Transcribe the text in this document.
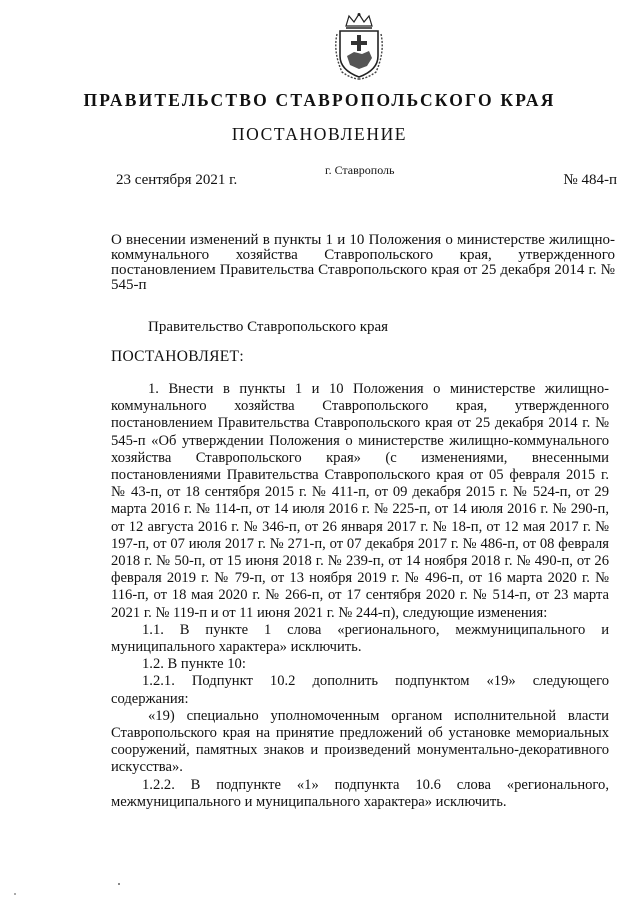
ПРАВИТЕЛЬСТВО СТАВРОПОЛЬСКОГО КРАЯ
ПОСТАНОВЛЕНИЕ
23 сентября 2021 г.
г. Ставрополь
№ 484-п
О внесении изменений в пункты 1 и 10 Положения о министерстве жилищно-коммунального хозяйства Ставропольского края, утвержденного постановлением Правительства Ставропольского края от 25 декабря 2014 г. № 545-п
Правительство Ставропольского края
ПОСТАНОВЛЯЕТ:

1. Внести в пункты 1 и 10 Положения о министерстве жилищно-коммунального хозяйства Ставропольского края, утвержденного постановлением Правительства Ставропольского края от 25 декабря 2014 г. № 545-п «Об утверждении Положения о министерстве жилищно-коммунального хозяйства Ставропольского края» (с изменениями, внесенными постановлениями Правительства Ставропольского края от 05 февраля 2015 г. № 43-п, от 18 сентября 2015 г. № 411-п, от 09 декабря 2015 г. № 524-п, от 29 марта 2016 г. № 114-п, от 14 июля 2016 г. № 225-п, от 14 июля 2016 г. № 290-п, от 12 августа 2016 г. № 346-п, от 26 января 2017 г. № 18-п, от 12 мая 2017 г. № 197-п, от 07 июля 2017 г. № 271-п, от 07 декабря 2017 г. № 486-п, от 08 февраля 2018 г. № 50-п, от 15 июня 2018 г. № 239-п, от 14 ноября 2018 г. № 490-п, от 26 февраля 2019 г. № 79-п, от 13 ноября 2019 г. № 496-п, от 16 марта 2020 г. № 116-п, от 18 мая 2020 г. № 266-п, от 17 сентября 2020 г. № 514-п, от 23 марта 2021 г. № 119-п и от 11 июня 2021 г. № 244-п), следующие изменения:

1.1. В пункте 1 слова «регионального, межмуниципального и муниципального характера» исключить.

1.2. В пункте 10:

1.2.1. Подпункт 10.2 дополнить подпунктом «19» следующего содержания:

«19) специально уполномоченным органом исполнительной власти Ставропольского края на принятие предложений об установке мемориальных сооружений, памятных знаков и произведений монументально-декоративного искусства».

1.2.2. В подпункте «1» подпункта 10.6 слова «регионального, межмуниципального и муниципального характера» исключить.
